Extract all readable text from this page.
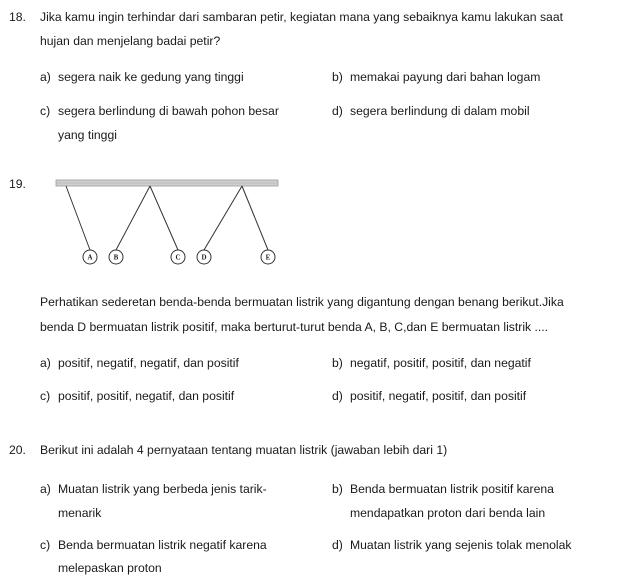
18. Jika kamu ingin terhindar dari sambaran petir, kegiatan mana yang sebaiknya kamu lakukan saat
hujan dan menjelang badai petir?
a) segera naik ke gedung yang tinggi	b) memakai payung dari bahan logam
c) segera berlindung di bawah pohon besar
yang tinggi
d) segera berlindung di dalam mobil
19.
A	B	C	D	E
Perhatikan sederetan benda-benda bermuatan listrik yang digantung dengan benang berikut.Jika
benda D bermuatan listrik positif, maka berturut-turut benda A, B, C,dan E bermuatan listrik ....
a) positif, negatif, negatif, dan positif	b) negatif, positif, positif, dan negatif
c) positif, positif, negatif, dan positif	d) positif, negatif, positif, dan positif
20. Berikut ini adalah 4 pernyataan tentang muatan listrik (jawaban lebih dari 1)
a) Muatan listrik yang berbeda jenis tarik-
menarik
b) Benda bermuatan listrik positif karena
mendapatkan proton dari benda lain
c) Benda bermuatan listrik negatif karena
melepaskan proton
d) Muatan listrik yang sejenis tolak menolak
